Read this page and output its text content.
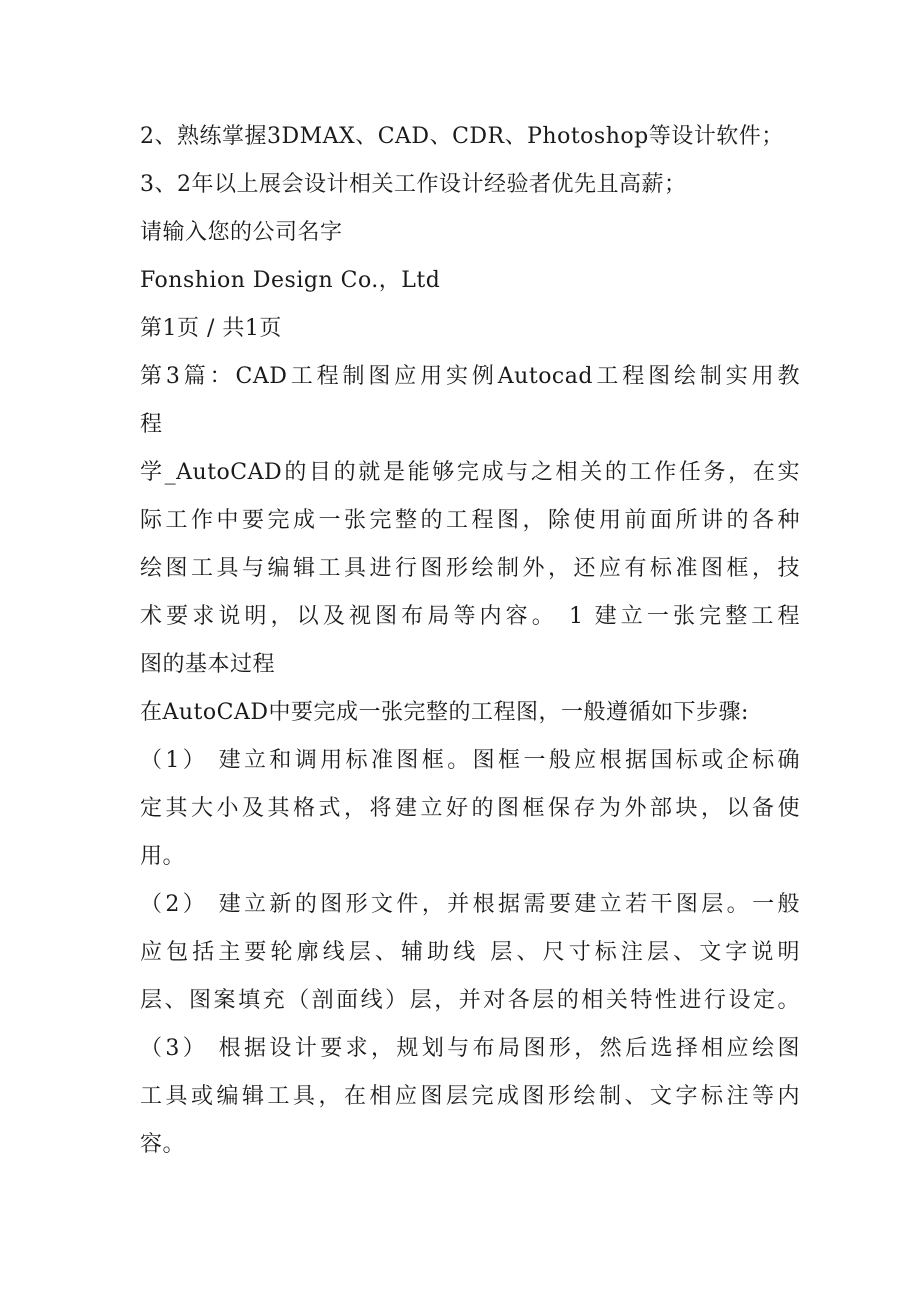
2、熟练掌握3DMAX、CAD、CDR、Photoshop等设计软件；
3、2年以上展会设计相关工作设计经验者优先且高薪；
请输入您的公司名字
Fonshion Design Co.，Ltd
第1页 / 共1页
第3篇：CAD工程制图应用实例Autocad工程图绘制实用教
程
学_AutoCAD的目的就是能够完成与之相关的工作任务，在实
际工作中要完成一张完整的工程图，除使用前面所讲的各种
绘图工具与编辑工具进行图形绘制外，还应有标准图框，技
术要求说明，以及视图布局等内容。 1 建立一张完整工程
图的基本过程
在AutoCAD中要完成一张完整的工程图，一般遵循如下步骤:
（1） 建立和调用标准图框。图框一般应根据国标或企标确
定其大小及其格式，将建立好的图框保存为外部块，以备使
用。
（2） 建立新的图形文件，并根据需要建立若干图层。一般
应包括主要轮廓线层、辅助线 层、尺寸标注层、文字说明
层、图案填充（剖面线）层，并对各层的相关特性进行设定。
（3） 根据设计要求，规划与布局图形，然后选择相应绘图
工具或编辑工具，在相应图层完成图形绘制、文字标注等内
容。
